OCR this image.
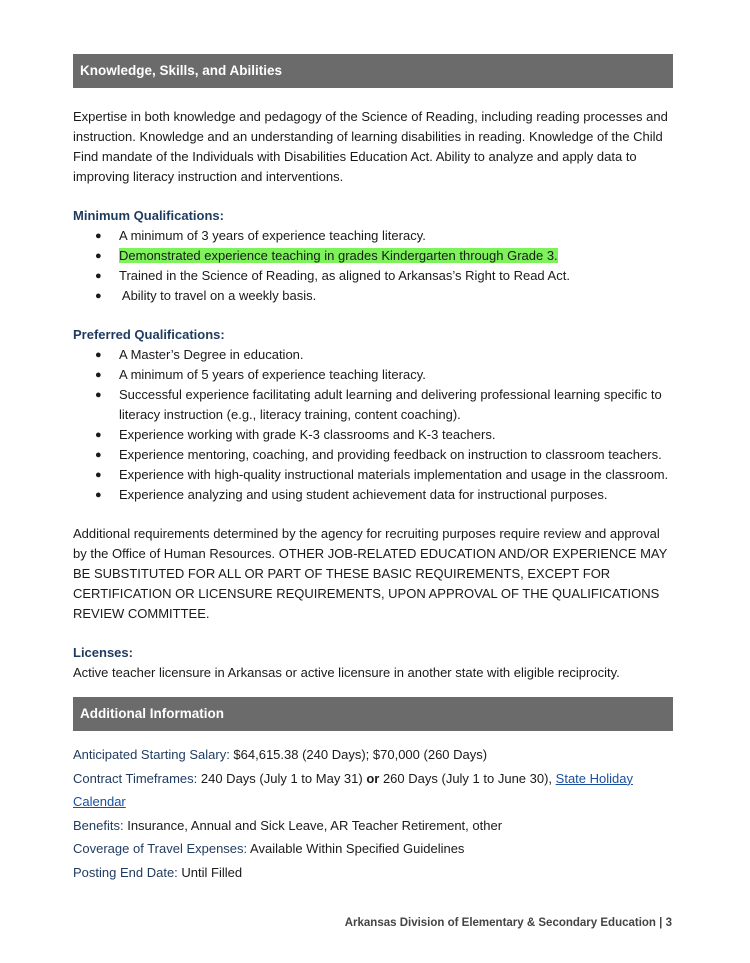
Knowledge, Skills, and Abilities

Expertise in both knowledge and pedagogy of the Science of Reading, including reading processes and instruction. Knowledge and an understanding of learning disabilities in reading. Knowledge of the Child Find mandate of the Individuals with Disabilities Education Act. Ability to analyze and apply data to improving literacy instruction and interventions.

Minimum Qualifications:

● A minimum of 3 years of experience teaching literacy.
● Demonstrated experience teaching in grades Kindergarten through Grade 3.
● Trained in the Science of Reading, as aligned to Arkansas’s Right to Read Act.
● Ability to travel on a weekly basis.

Preferred Qualifications:

● A Master’s Degree in education.
● A minimum of 5 years of experience teaching literacy.
● Successful experience facilitating adult learning and delivering professional learning specific to literacy instruction (e.g., literacy training, content coaching).
● Experience working with grade K-3 classrooms and K-3 teachers.
● Experience mentoring, coaching, and providing feedback on instruction to classroom teachers.
● Experience with high-quality instructional materials implementation and usage in the classroom.
● Experience analyzing and using student achievement data for instructional purposes.

Additional requirements determined by the agency for recruiting purposes require review and approval by the Office of Human Resources. OTHER JOB-RELATED EDUCATION AND/OR EXPERIENCE MAY BE SUBSTITUTED FOR ALL OR PART OF THESE BASIC REQUIREMENTS, EXCEPT FOR CERTIFICATION OR LICENSURE REQUIREMENTS, UPON APPROVAL OF THE QUALIFICATIONS REVIEW COMMITTEE.

Licenses:

Active teacher licensure in Arkansas or active licensure in another state with eligible reciprocity.

Additional Information

Anticipated Starting Salary: $64,615.38 (240 Days); $70,000 (260 Days)

Contract Timeframes: 240 Days (July 1 to May 31) or 260 Days (July 1 to June 30), State Holiday Calendar

Benefits: Insurance, Annual and Sick Leave, AR Teacher Retirement, other

Coverage of Travel Expenses: Available Within Specified Guidelines

Posting End Date: Until Filled

Arkansas Division of Elementary & Secondary Education | 3
